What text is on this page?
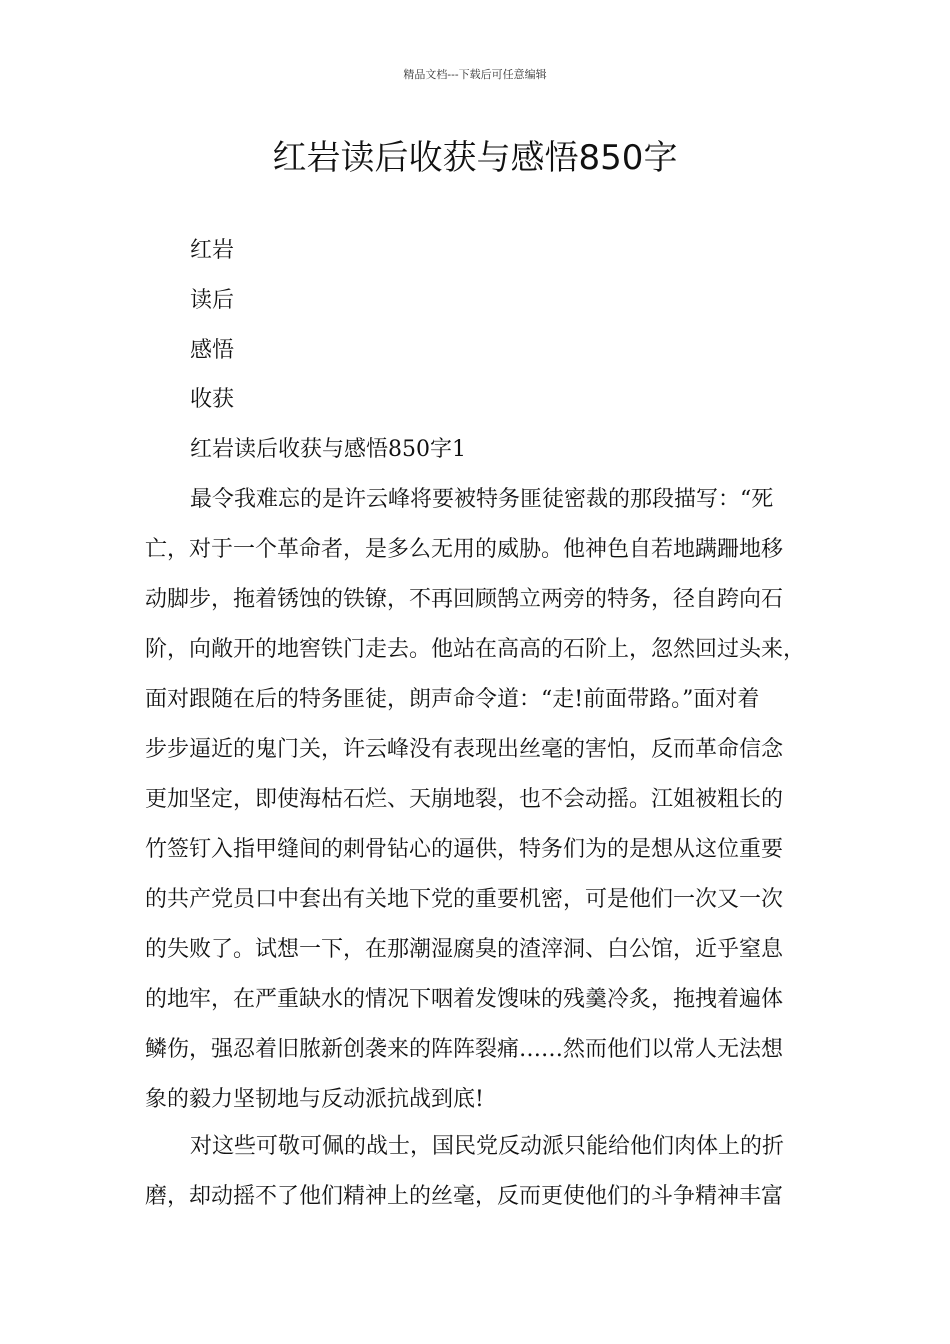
精品文档---下载后可任意编辑
红岩读后收获与感悟850字

红岩

读后

感悟

收获

红岩读后收获与感悟850字1

最令我难忘的是许云峰将要被特务匪徒密裁的那段描写：“死
亡，对于一个革命者，是多么无用的威胁。他神色自若地蹒跚地移
动脚步，拖着锈蚀的铁镣，不再回顾鹄立两旁的特务，径自跨向石
阶，向敞开的地窖铁门走去。他站在高高的石阶上，忽然回过头来，
面对跟随在后的特务匪徒，朗声命令道：“走!前面带路。”面对着
步步逼近的鬼门关，许云峰没有表现出丝毫的害怕，反而革命信念
更加坚定，即使海枯石烂、天崩地裂，也不会动摇。江姐被粗长的
竹签钉入指甲缝间的刺骨钻心的逼供，特务们为的是想从这位重要
的共产党员口中套出有关地下党的重要机密，可是他们一次又一次
的失败了。试想一下，在那潮湿腐臭的渣滓洞、白公馆，近乎窒息
的地牢，在严重缺水的情况下咽着发馊味的残羹冷炙，拖拽着遍体
鳞伤，强忍着旧脓新创袭来的阵阵裂痛……然而他们以常人无法想
象的毅力坚韧地与反动派抗战到底!
对这些可敬可佩的战士，国民党反动派只能给他们肉体上的折
磨，却动摇不了他们精神上的丝毫，反而更使他们的斗争精神丰富
